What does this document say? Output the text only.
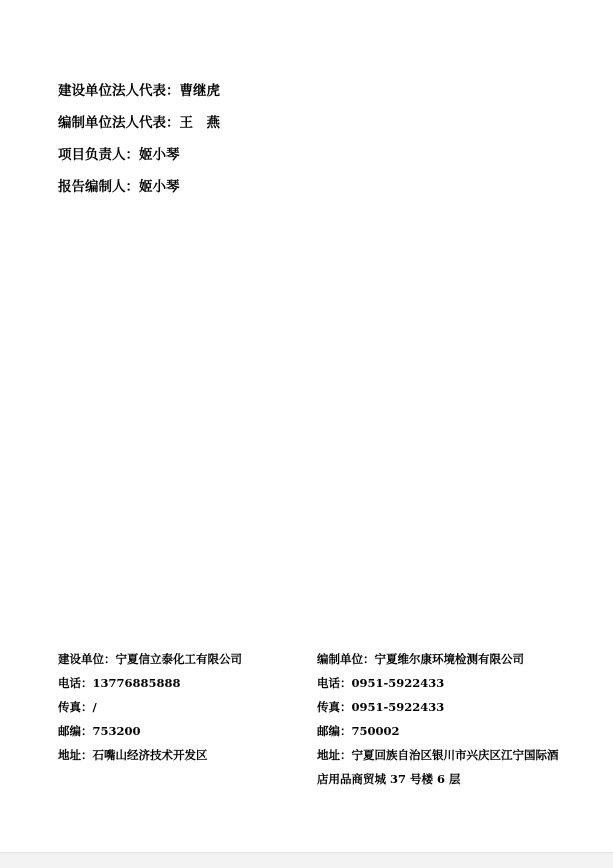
建设单位法人代表：曹继虎
编制单位法人代表：王　燕
项目负责人：姬小琴
报告编制人：姬小琴
建设单位：宁夏信立泰化工有限公司
电话：13776885888
传真：/
邮编：753200
地址：石嘴山经济技术开发区
编制单位：宁夏维尔康环境检测有限公司
电话：0951-5922433
传真：0951-5922433
邮编：750002
地址：宁夏回族自治区银川市兴庆区江宁国际酒店用品商贸城 37 号楼 6 层
